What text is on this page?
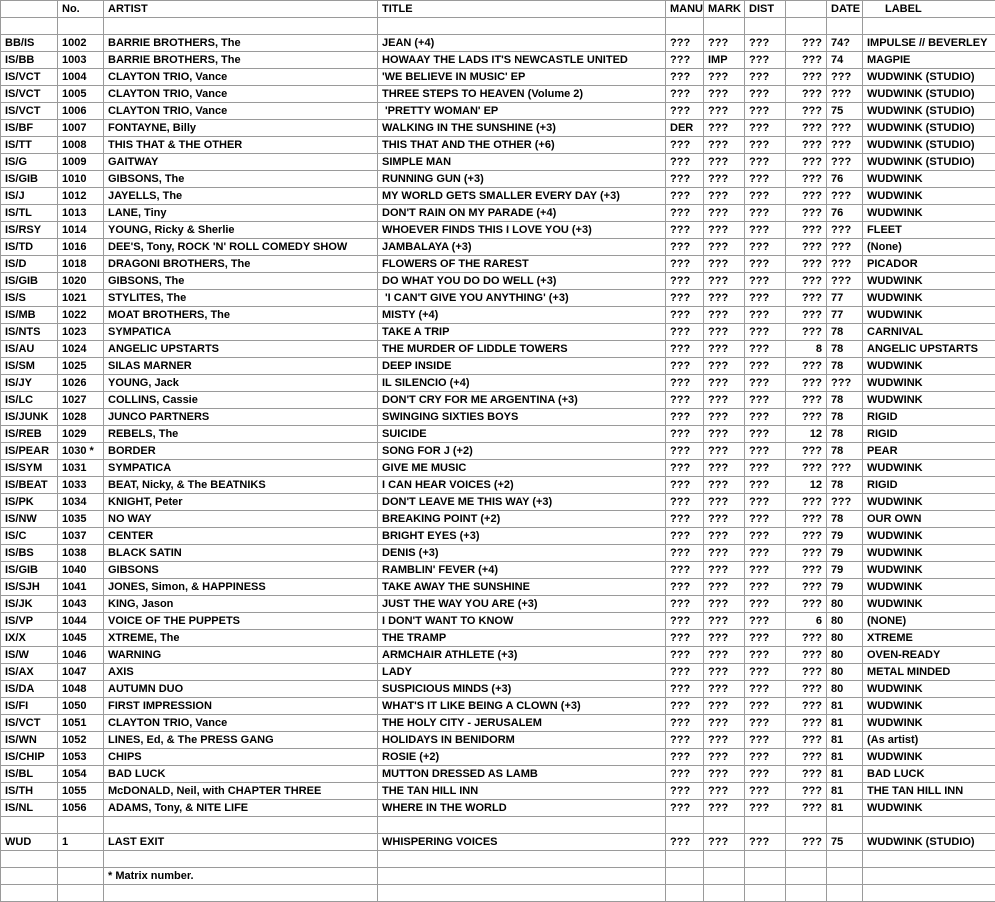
	No.	ARTIST	TITLE	MANU	MARK	DIST		DATE	LABEL

BB/IS	1002	BARRIE BROTHERS, The	JEAN (+4)	???	???	???	???	74?	IMPULSE // BEVERLEY
IS/BB	1003	BARRIE BROTHERS, The	HOWAAY THE LADS IT'S NEWCASTLE UNITED	???	IMP	???	???	74	MAGPIE
IS/VCT	1004	CLAYTON TRIO, Vance	'WE BELIEVE IN MUSIC' EP	???	???	???	???	???	WUDWINK (STUDIO)
IS/VCT	1005	CLAYTON TRIO, Vance	THREE STEPS TO HEAVEN (Volume 2)	???	???	???	???	???	WUDWINK (STUDIO)
IS/VCT	1006	CLAYTON TRIO, Vance	'PRETTY WOMAN' EP	???	???	???	???	75	WUDWINK (STUDIO)
IS/BF	1007	FONTAYNE, Billy	WALKING IN THE SUNSHINE (+3)	DER	???	???	???	???	WUDWINK (STUDIO)
IS/TT	1008	THIS THAT & THE OTHER	THIS THAT AND THE OTHER (+6)	???	???	???	???	???	WUDWINK (STUDIO)
IS/G	1009	GAITWAY	SIMPLE MAN	???	???	???	???	???	WUDWINK (STUDIO)
IS/GIB	1010	GIBSONS, The	RUNNING GUN (+3)	???	???	???	???	76	WUDWINK
IS/J	1012	JAYELLS, The	MY WORLD GETS SMALLER EVERY DAY (+3)	???	???	???	???	???	WUDWINK
IS/TL	1013	LANE, Tiny	DON'T RAIN ON MY PARADE (+4)	???	???	???	???	76	WUDWINK
IS/RSY	1014	YOUNG, Ricky & Sherlie	WHOEVER FINDS THIS I LOVE YOU (+3)	???	???	???	???	???	FLEET
IS/TD	1016	DEE'S, Tony, ROCK 'N' ROLL COMEDY SHOW	JAMBALAYA (+3)	???	???	???	???	???	(None)
IS/D	1018	DRAGONI BROTHERS, The	FLOWERS OF THE RAREST	???	???	???	???	???	PICADOR
IS/GIB	1020	GIBSONS, The	DO WHAT YOU DO DO WELL (+3)	???	???	???	???	???	WUDWINK
IS/S	1021	STYLITES, The	'I CAN'T GIVE YOU ANYTHING' (+3)	???	???	???	???	77	WUDWINK
IS/MB	1022	MOAT BROTHERS, The	MISTY (+4)	???	???	???	???	77	WUDWINK
IS/NTS	1023	SYMPATICA	TAKE A TRIP	???	???	???	???	78	CARNIVAL
IS/AU	1024	ANGELIC UPSTARTS	THE MURDER OF LIDDLE TOWERS	???	???	???	8	78	ANGELIC UPSTARTS
IS/SM	1025	SILAS MARNER	DEEP INSIDE	???	???	???	???	78	WUDWINK
IS/JY	1026	YOUNG, Jack	IL SILENCIO (+4)	???	???	???	???	???	WUDWINK
IS/LC	1027	COLLINS, Cassie	DON'T CRY FOR ME ARGENTINA (+3)	???	???	???	???	78	WUDWINK
IS/JUNK	1028	JUNCO PARTNERS	SWINGING SIXTIES BOYS	???	???	???	???	78	RIGID
IS/REB	1029	REBELS, The	SUICIDE	???	???	???	12	78	RIGID
IS/PEAR	1030 *	BORDER	SONG FOR J (+2)	???	???	???	???	78	PEAR
IS/SYM	1031	SYMPATICA	GIVE ME MUSIC	???	???	???	???	???	WUDWINK
IS/BEAT	1033	BEAT, Nicky, & The BEATNIKS	I CAN HEAR VOICES (+2)	???	???	???	12	78	RIGID
IS/PK	1034	KNIGHT, Peter	DON'T LEAVE ME THIS WAY (+3)	???	???	???	???	???	WUDWINK
IS/NW	1035	NO WAY	BREAKING POINT (+2)	???	???	???	???	78	OUR OWN
IS/C	1037	CENTER	BRIGHT EYES (+3)	???	???	???	???	79	WUDWINK
IS/BS	1038	BLACK SATIN	DENIS (+3)	???	???	???	???	79	WUDWINK
IS/GIB	1040	GIBSONS	RAMBLIN' FEVER (+4)	???	???	???	???	79	WUDWINK
IS/SJH	1041	JONES, Simon, & HAPPINESS	TAKE AWAY THE SUNSHINE	???	???	???	???	79	WUDWINK
IS/JK	1043	KING, Jason	JUST THE WAY YOU ARE (+3)	???	???	???	???	80	WUDWINK
IS/VP	1044	VOICE OF THE PUPPETS	I DON'T WANT TO KNOW	???	???	???	6	80	(NONE)
IX/X	1045	XTREME, The	THE TRAMP	???	???	???	???	80	XTREME
IS/W	1046	WARNING	ARMCHAIR ATHLETE (+3)	???	???	???	???	80	OVEN-READY
IS/AX	1047	AXIS	LADY	???	???	???	???	80	METAL MINDED
IS/DA	1048	AUTUMN DUO	SUSPICIOUS MINDS (+3)	???	???	???	???	80	WUDWINK
IS/FI	1050	FIRST IMPRESSION	WHAT'S IT LIKE BEING A CLOWN (+3)	???	???	???	???	81	WUDWINK
IS/VCT	1051	CLAYTON TRIO, Vance	THE HOLY CITY - JERUSALEM	???	???	???	???	81	WUDWINK
IS/WN	1052	LINES, Ed, & The PRESS GANG	HOLIDAYS IN BENIDORM	???	???	???	???	81	(As artist)
IS/CHIP	1053	CHIPS	ROSIE (+2)	???	???	???	???	81	WUDWINK
IS/BL	1054	BAD LUCK	MUTTON DRESSED AS LAMB	???	???	???	???	81	BAD LUCK
IS/TH	1055	McDONALD, Neil, with CHAPTER THREE	THE TAN HILL INN	???	???	???	???	81	THE TAN HILL INN
IS/NL	1056	ADAMS, Tony, & NITE LIFE	WHERE IN THE WORLD	???	???	???	???	81	WUDWINK

WUD	1	LAST EXIT	WHISPERING VOICES	???	???	???	???	75	WUDWINK (STUDIO)

		* Matrix number.							
